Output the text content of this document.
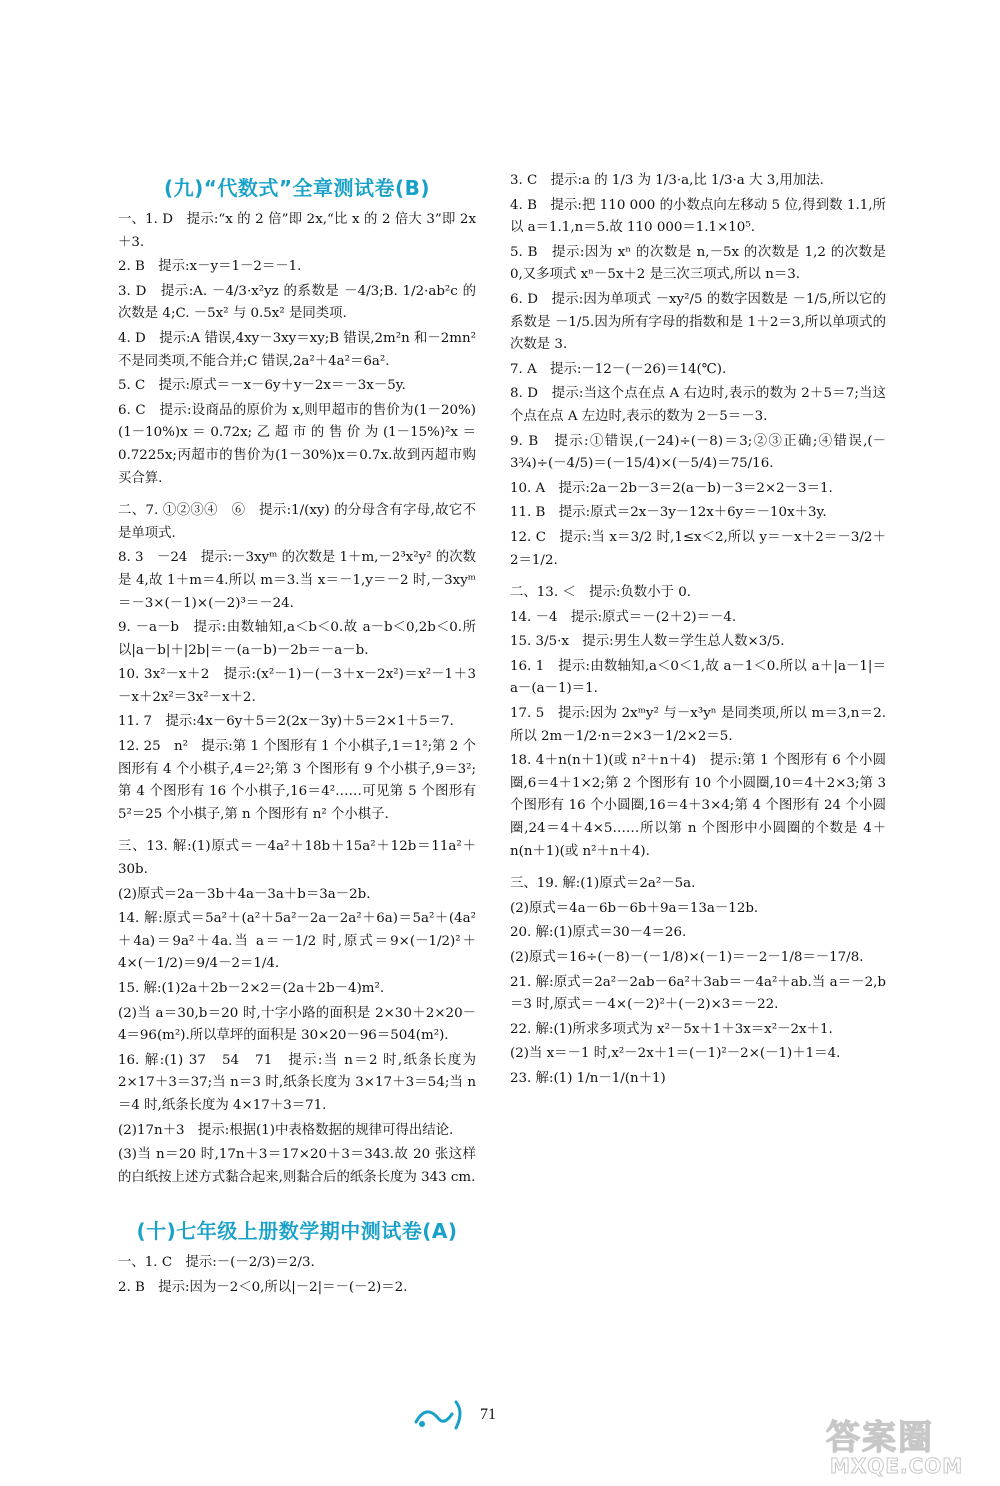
(九)“代数式”全章测试卷(B)
一、1. D　提示:“x 的 2 倍”即 2x,“比 x 的 2 倍大 3”即 2x＋3.
2. B　提示:x－y＝1－2＝－1.
3. D　提示:A. －4/3·x²yz 的系数是 －4/3;B. 1/2·ab²c 的次数是 4;C. －5x² 与 0.5x² 是同类项.
4. D　提示:A 错误,4xy－3xy＝xy;B 错误,2m²n 和－2mn² 不是同类项,不能合并;C 错误,2a²＋4a²＝6a².
5. C　提示:原式＝－x－6y＋y－2x＝－3x－5y.
6. C　提示:设商品的原价为 x,则甲超市的售价为(1－20%)(1－10%)x＝0.72x;乙超市的售价为(1－15%)²x＝0.7225x;丙超市的售价为(1－30%)x＝0.7x.故到丙超市购买合算.
二、7. ①②③④　⑥　提示:1/(xy) 的分母含有字母,故它不是单项式.
8. 3　－24　提示:－3xyᵐ 的次数是 1＋m,－2³x²y² 的次数是 4,故 1＋m＝4.所以 m＝3.当 x＝－1,y＝－2 时,－3xyᵐ＝－3×(－1)×(－2)³＝－24.
9. －a－b　提示:由数轴知,a＜b＜0.故 a－b＜0,2b＜0.所以|a－b|＋|2b|＝－(a－b)－2b＝－a－b.
10. 3x²－x＋2　提示:(x²－1)－(－3＋x－2x²)＝x²－1＋3－x＋2x²＝3x²－x＋2.
11. 7　提示:4x－6y＋5＝2(2x－3y)＋5＝2×1＋5＝7.
12. 25　n²　提示:第 1 个图形有 1 个小棋子,1＝1²;第 2 个图形有 4 个小棋子,4＝2²;第 3 个图形有 9 个小棋子,9＝3²;第 4 个图形有 16 个小棋子,16＝4²……可见第 5 个图形有 5²＝25 个小棋子,第 n 个图形有 n² 个小棋子.
三、13. 解:(1)原式＝－4a²＋18b＋15a²＋12b＝11a²＋30b.
(2)原式＝2a－3b＋4a－3a＋b＝3a－2b.
14. 解:原式＝5a²＋(a²＋5a²－2a－2a²＋6a)＝5a²＋(4a²＋4a)＝9a²＋4a.当 a＝－1/2 时,原式＝9×(－1/2)²＋4×(－1/2)＝9/4－2＝1/4.
15. 解:(1)2a＋2b－2×2＝(2a＋2b－4)m².
(2)当 a＝30,b＝20 时,十字小路的面积是 2×30＋2×20－4＝96(m²).所以草坪的面积是 30×20－96＝504(m²).
16. 解:(1) 37　54　71　提示:当 n＝2 时,纸条长度为 2×17＋3＝37;当 n＝3 时,纸条长度为 3×17＋3＝54;当 n＝4 时,纸条长度为 4×17＋3＝71.
(2)17n＋3　提示:根据(1)中表格数据的规律可得出结论.
(3)当 n＝20 时,17n＋3＝17×20＋3＝343.故 20 张这样的白纸按上述方式黏合起来,则黏合后的纸条长度为 343 cm.
(十)七年级上册数学期中测试卷(A)
一、1. C　提示:－(－2/3)＝2/3.
2. B　提示:因为－2＜0,所以|－2|＝－(－2)＝2.
3. C　提示:a 的 1/3 为 1/3·a,比 1/3·a 大 3,用加法.
4. B　提示:把 110 000 的小数点向左移动 5 位,得到数 1.1,所以 a＝1.1,n＝5.故 110 000＝1.1×10⁵.
5. B　提示:因为 xⁿ 的次数是 n,－5x 的次数是 1,2 的次数是 0,又多项式 xⁿ－5x＋2 是三次三项式,所以 n＝3.
6. D　提示:因为单项式 －xy²/5 的数字因数是 －1/5,所以它的系数是 －1/5.因为所有字母的指数和是 1＋2＝3,所以单项式的次数是 3.
7. A　提示:－12－(－26)＝14(℃).
8. D　提示:当这个点在点 A 右边时,表示的数为 2＋5＝7;当这个点在点 A 左边时,表示的数为 2－5＝－3.
9. B　提示:①错误,(－24)÷(－8)＝3;②③正确;④错误,(－3¾)÷(－4/5)＝(－15/4)×(－5/4)＝75/16.
10. A　提示:2a－2b－3＝2(a－b)－3＝2×2－3＝1.
11. B　提示:原式＝2x－3y－12x＋6y＝－10x＋3y.
12. C　提示:当 x＝3/2 时,1≤x＜2,所以 y＝－x＋2＝－3/2＋2＝1/2.
二、13. ＜　提示:负数小于 0.
14. －4　提示:原式＝－(2＋2)＝－4.
15. 3/5·x　提示:男生人数＝学生总人数×3/5.
16. 1　提示:由数轴知,a＜0＜1,故 a－1＜0.所以 a＋|a－1|＝a－(a－1)＝1.
17. 5　提示:因为 2xᵐy² 与－x³yⁿ 是同类项,所以 m＝3,n＝2.所以 2m－1/2·n＝2×3－1/2×2＝5.
18. 4＋n(n＋1)(或 n²＋n＋4)　提示:第 1 个图形有 6 个小圆圈,6＝4＋1×2;第 2 个图形有 10 个小圆圈,10＝4＋2×3;第 3 个图形有 16 个小圆圈,16＝4＋3×4;第 4 个图形有 24 个小圆圈,24＝4＋4×5……所以第 n 个图形中小圆圈的个数是 4＋n(n＋1)(或 n²＋n＋4).
三、19. 解:(1)原式＝2a²－5a.
(2)原式＝4a－6b－6b＋9a＝13a－12b.
20. 解:(1)原式＝30－4＝26.
(2)原式＝16÷(－8)－(－1/8)×(－1)＝－2－1/8＝－17/8.
21. 解:原式＝2a²－2ab－6a²＋3ab＝－4a²＋ab.当 a＝－2,b＝3 时,原式＝－4×(－2)²＋(－2)×3＝－22.
22. 解:(1)所求多项式为 x²－5x＋1＋3x＝x²－2x＋1.
(2)当 x＝－1 时,x²－2x＋1＝(－1)²－2×(－1)＋1＝4.
23. 解:(1) 1/n－1/(n＋1)
71
答案圈
MXQE.COM
